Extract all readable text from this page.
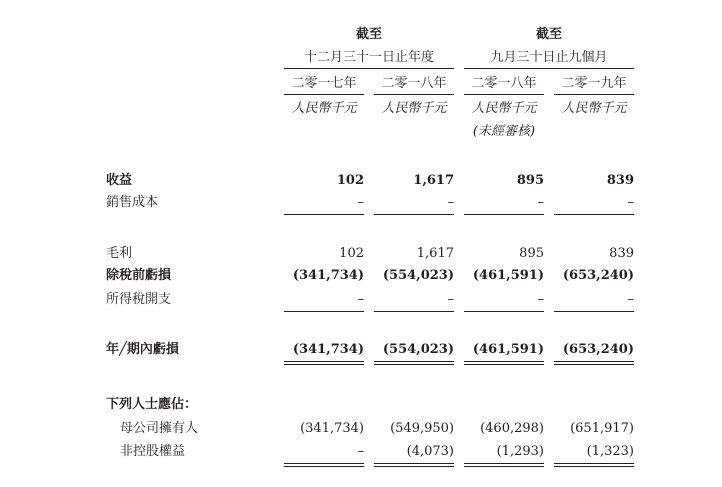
截至
十二月三十一日止年度
截至
九月三十日止九個月
二零一七年	二零一八年	二零一八年	二零一九年
人民幣千元	人民幣千元	人民幣千元	人民幣千元
(未經審核)
收益	102	1,617	895	839
銷售成本	–	–	–	–
毛利	102	1,617	895	839
除稅前虧損	(341,734)	(554,023)	(461,591)	(653,240)
所得稅開支	–	–	–	–
年╱期內虧損	(341,734)	(554,023)	(461,591)	(653,240)
下列人士應佔：
母公司擁有人	(341,734)	(549,950)	(460,298)	(651,917)
非控股權益	–	(4,073)	(1,293)	(1,323)
